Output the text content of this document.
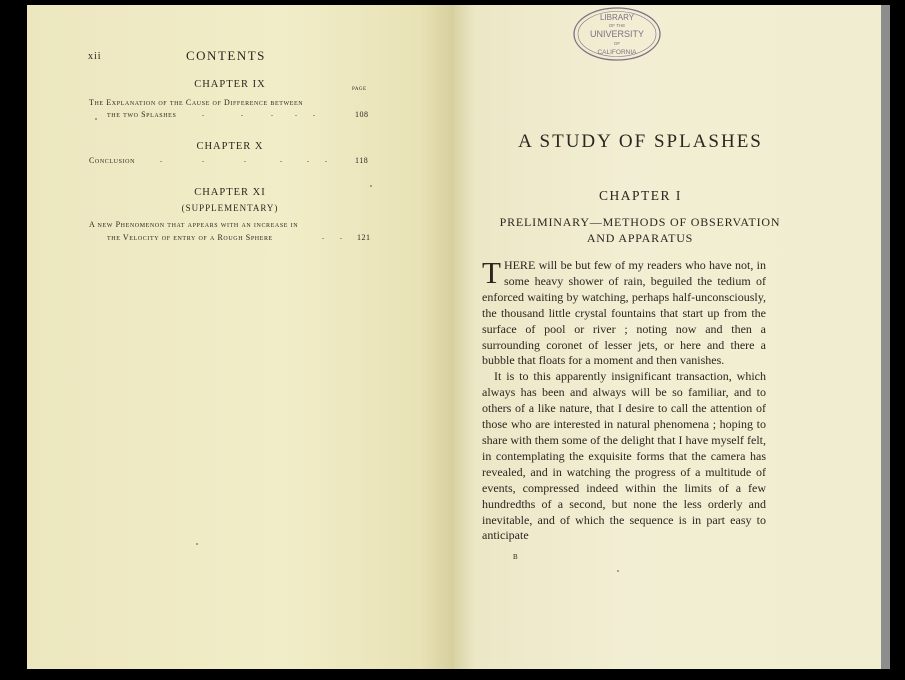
xii	CONTENTS
CHAPTER IX	PAGE
The Explanation of the Cause of Difference between
the two Splashes	.            .         .       .     .	108
CHAPTER X
Conclusion	.             .             .           .        .     .	118
CHAPTER XI
(SUPPLEMENTARY)
A new Phenomenon that appears with an increase in
the Velocity of entry of a Rough Sphere	.     . 121
LIBRARY
OF THE
UNIVERSITY
OF
CALIFORNIA
A STUDY OF SPLASHES
CHAPTER I
PRELIMINARY—METHODS OF OBSERVATION
AND APPARATUS

THERE will be but few of my readers who have not, in some heavy shower of rain, beguiled the tedium of enforced waiting by watching, perhaps half-unconsciously, the thousand little crystal fountains that start up from the surface of pool or river ; noting now and then a surrounding coronet of lesser jets, or here and there a bubble that floats for a moment and then vanishes.

It is to this apparently insignificant transaction, which always has been and always will be so familiar, and to others of a like nature, that I desire to call the attention of those who are interested in natural phenomena ; hoping to share with them some of the delight that I have myself felt, in contemplating the exquisite forms that the camera has revealed, and in watching the progress of a multitude of events, compressed indeed within the limits of a few hundredths of a second, but none the less orderly and inevitable, and of which the sequence is in part easy to anticipate

B
